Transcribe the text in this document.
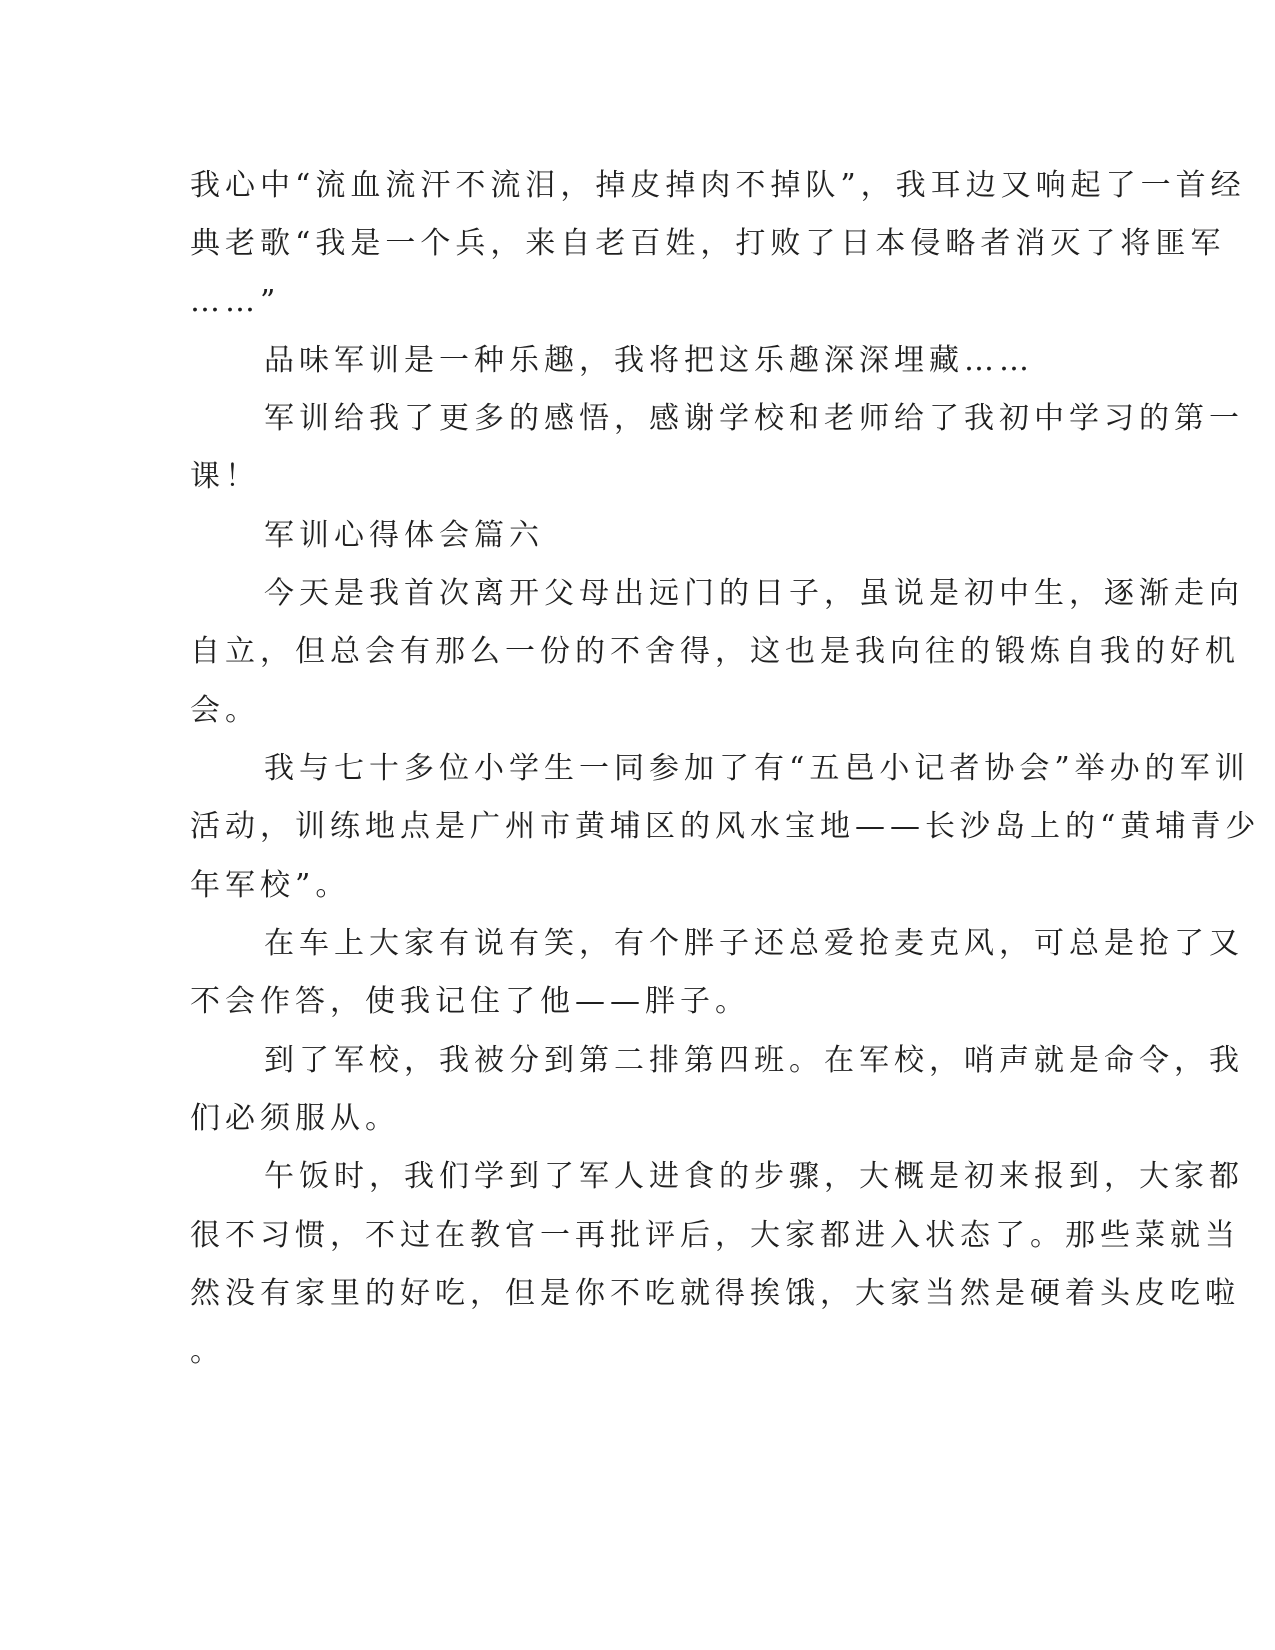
我心中“流血流汗不流泪，掉皮掉肉不掉队”，我耳边又响起了一首经
典老歌“我是一个兵，来自老百姓，打败了日本侵略者消灭了将匪军
……”
品味军训是一种乐趣，我将把这乐趣深深埋藏……
军训给我了更多的感悟，感谢学校和老师给了我初中学习的第一
课！
军训心得体会篇六
今天是我首次离开父母出远门的日子，虽说是初中生，逐渐走向
自立，但总会有那么一份的不舍得，这也是我向往的锻炼自我的好机
会。
我与七十多位小学生一同参加了有“五邑小记者协会”举办的军训
活动，训练地点是广州市黄埔区的风水宝地——长沙岛上的“黄埔青少
年军校”。
在车上大家有说有笑，有个胖子还总爱抢麦克风，可总是抢了又
不会作答，使我记住了他——胖子。
到了军校，我被分到第二排第四班。在军校，哨声就是命令，我
们必须服从。
午饭时，我们学到了军人进食的步骤，大概是初来报到，大家都
很不习惯，不过在教官一再批评后，大家都进入状态了。那些菜就当
然没有家里的好吃，但是你不吃就得挨饿，大家当然是硬着头皮吃啦
。
